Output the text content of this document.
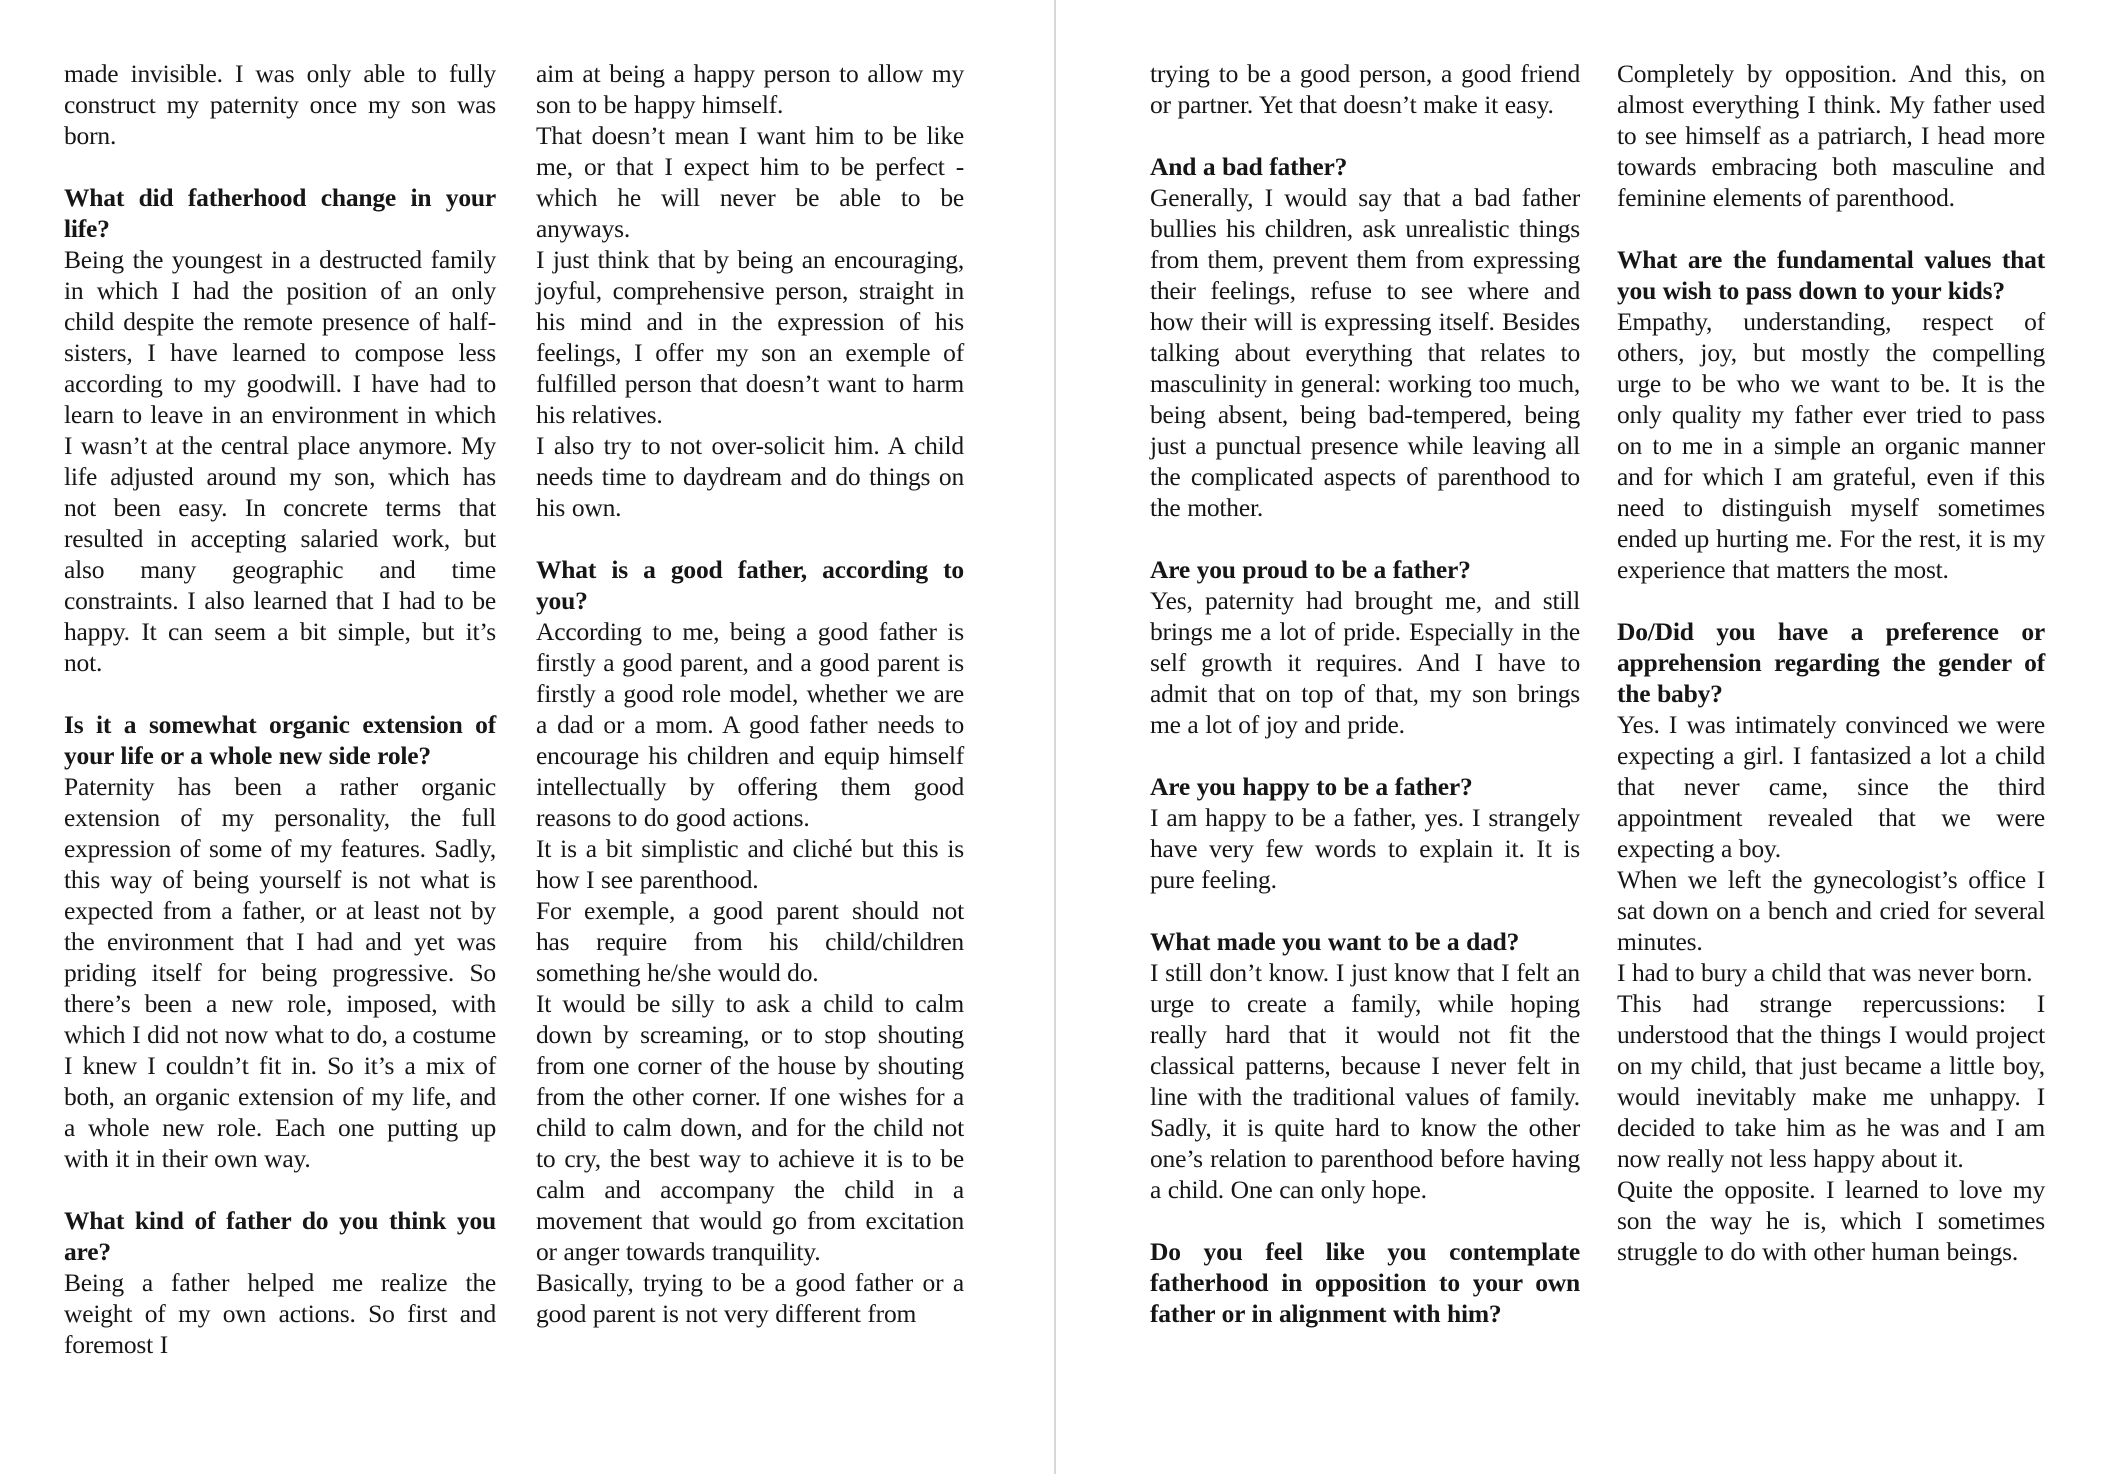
made invisible. I was only able to fully construct my paternity once my son was born.

What did fatherhood change in your life?

Being the youngest in a destructed family in which I had the position of an only child despite the remote presence of half-sisters, I have learned to compose less according to my goodwill. I have had to learn to leave in an environment in which I wasn’t at the central place anymore. My life adjusted around my son, which has not been easy. In concrete terms that resulted in accepting salaried work, but also many geographic and time constraints. I also learned that I had to be happy. It can seem a bit simple, but it’s not.

Is it a somewhat organic extension of your life or a whole new side role?

Paternity has been a rather organic extension of my personality, the full expression of some of my features. Sadly, this way of being yourself is not what is expected from a father, or at least not by the environment that I had and yet was priding itself for being progressive. So there’s been a new role, imposed, with which I did not now what to do, a costume I knew I couldn’t fit in. So it’s a mix of both, an organic extension of my life, and a whole new role. Each one putting up with it in their own way.

What kind of father do you think you are?

Being a father helped me realize the weight of my own actions. So first and foremost I

aim at being a happy person to allow my son to be happy himself.

That doesn’t mean I want him to be like me, or that I expect him to be perfect - which he will never be able to be anyways.

I just think that by being an encouraging, joyful, comprehensive person, straight in his mind and in the expression of his feelings, I offer my son an exemple of fulfilled person that doesn’t want to harm his relatives.

I also try to not over-solicit him. A child needs time to daydream and do things on his own.

What is a good father, according to you?

According to me, being a good father is firstly a good parent, and a good parent is firstly a good role model, whether we are a dad or a mom. A good father needs to encourage his children and equip himself intellectually by offering them good reasons to do good actions.

It is a bit simplistic and cliché but this is how I see parenthood.

For exemple, a good parent should not has require from his child/children something he/she would do.

It would be silly to ask a child to calm down by screaming, or to stop shouting from one corner of the house by shouting from the other corner. If one wishes for a child to calm down, and for the child not to cry, the best way to achieve it is to be calm and accompany the child in a movement that would go from excitation or anger towards tranquility.

Basically, trying to be a good father or a good parent is not very different from

trying to be a good person, a good friend or partner. Yet that doesn’t make it easy.

And a bad father?

Generally, I would say that a bad father bullies his children, ask unrealistic things from them, prevent them from expressing their feelings, refuse to see where and how their will is expressing itself. Besides talking about everything that relates to masculinity in general: working too much, being absent, being bad-tempered, being just a punctual presence while leaving all the complicated aspects of parenthood to the mother.

Are you proud to be a father?

Yes, paternity had brought me, and still brings me a lot of pride. Especially in the self growth it requires. And I have to admit that on top of that, my son brings me a lot of joy and pride.

Are you happy to be a father?

I am happy to be a father, yes. I strangely have very few words to explain it. It is pure feeling.

What made you want to be a dad?

I still don’t know. I just know that I felt an urge to create a family, while hoping really hard that it would not fit the classical patterns, because I never felt in line with the traditional values of family. Sadly, it is quite hard to know the other one’s relation to parenthood before having a child. One can only hope.

Do you feel like you contemplate fatherhood in opposition to your own father or in alignment with him?

Completely by opposition. And this, on almost everything I think. My father used to see himself as a patriarch, I head more towards embracing both masculine and feminine elements of parenthood.

What are the fundamental values that you wish to pass down to your kids?

Empathy, understanding, respect of others, joy, but mostly the compelling urge to be who we want to be. It is the only quality my father ever tried to pass on to me in a simple an organic manner and for which I am grateful, even if this need to distinguish myself sometimes ended up hurting me. For the rest, it is my experience that matters the most.

Do/Did you have a preference or apprehension regarding the gender of the baby?

Yes. I was intimately convinced we were expecting a girl. I fantasized a lot a child that never came, since the third appointment revealed that we were expecting a boy.

When we left the gynecologist’s office I sat down on a bench and cried for several minutes.

I had to bury a child that was never born.

This had strange repercussions: I understood that the things I would project on my child, that just became a little boy, would inevitably make me unhappy. I decided to take him as he was and I am now really not less happy about it.

Quite the opposite. I learned to love my son the way he is, which I sometimes struggle to do with other human beings.
